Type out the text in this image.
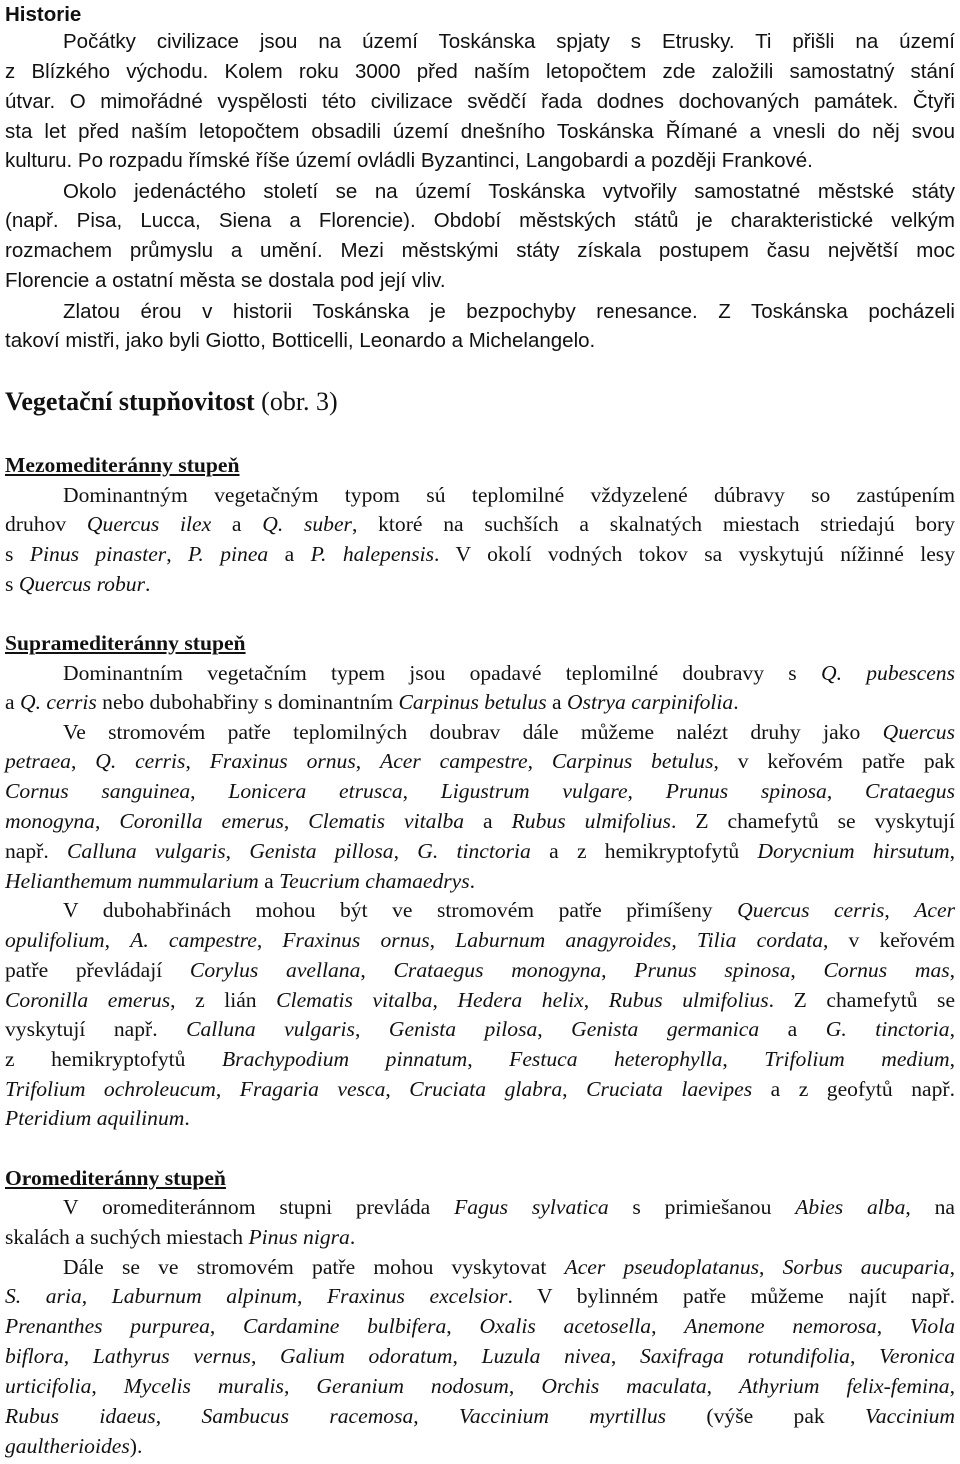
Historie
Počátky civilizace jsou na území Toskánska spjaty s Etrusky. Ti přišli na území
z Blízkého východu. Kolem roku 3000 před naším letopočtem zde založili samostatný stání
útvar. O mimořádné vyspělosti této civilizace svědčí řada dodnes dochovaných památek. Čtyři
sta let před naším letopočtem obsadili území dnešního Toskánska Římané a vnesli do něj svou
kulturu. Po rozpadu římské říše území ovládli Byzantinci, Langobardi a později Frankové.
Okolo jedenáctého století se na území Toskánska vytvořily samostatné městské státy
(např. Pisa, Lucca, Siena a Florencie). Období městských států je charakteristické velkým
rozmachem průmyslu a umění. Mezi městskými státy získala postupem času největší moc
Florencie a ostatní města se dostala pod její vliv.
Zlatou érou v historii Toskánska je bezpochyby renesance. Z Toskánska pocházeli
takoví mistři, jako byli Giotto, Botticelli, Leonardo a Michelangelo.
Vegetační stupňovitost (obr. 3)
Mezomediteránny stupeň
Dominantným vegetačným typom sú teplomilné vždyzelené dúbravy so zastúpením
druhov Quercus ilex a Q. suber, ktoré na suchších a skalnatých miestach striedajú bory
s Pinus pinaster, P. pinea a P. halepensis. V okolí vodných tokov sa vyskytujú nížinné lesy
s Quercus robur.
Supramediteránny stupeň
Dominantním vegetačním typem jsou opadavé teplomilné doubravy s Q. pubescens
a Q. cerris nebo dubohabřiny s dominantním Carpinus betulus a Ostrya carpinifolia.
Ve stromovém patře teplomilných doubrav dále můžeme nalézt druhy jako Quercus
petraea, Q. cerris, Fraxinus ornus, Acer campestre, Carpinus betulus, v keřovém patře pak
Cornus sanguinea, Lonicera etrusca, Ligustrum vulgare, Prunus spinosa, Crataegus
monogyna, Coronilla emerus, Clematis vitalba a Rubus ulmifolius. Z chamefytů se vyskytují
např. Calluna vulgaris, Genista pillosa, G. tinctoria a z hemikryptofytů Dorycnium hirsutum,
Helianthemum nummularium a Teucrium chamaedrys.
V dubohabřinách mohou být ve stromovém patře přimíšeny Quercus cerris, Acer
opulifolium, A. campestre, Fraxinus ornus, Laburnum anagyroides, Tilia cordata, v keřovém
patře převládají Corylus avellana, Crataegus monogyna, Prunus spinosa, Cornus mas,
Coronilla emerus, z lián Clematis vitalba, Hedera helix, Rubus ulmifolius. Z chamefytů se
vyskytují např. Calluna vulgaris, Genista pilosa, Genista germanica a G. tinctoria,
z hemikryptofytů Brachypodium pinnatum, Festuca heterophylla, Trifolium medium,
Trifolium ochroleucum, Fragaria vesca, Cruciata glabra, Cruciata laevipes a z geofytů např.
Pteridium aquilinum.
Oromediteránny stupeň
V oromediteránnom stupni prevláda Fagus sylvatica s primiešanou Abies alba, na
skalách a suchých miestach Pinus nigra.
Dále se ve stromovém patře mohou vyskytovat Acer pseudoplatanus, Sorbus aucuparia,
S. aria, Laburnum alpinum, Fraxinus excelsior. V bylinném patře můžeme najít např.
Prenanthes purpurea, Cardamine bulbifera, Oxalis acetosella, Anemone nemorosa, Viola
biflora, Lathyrus vernus, Galium odoratum, Luzula nivea, Saxifraga rotundifolia, Veronica
urticifolia, Mycelis muralis, Geranium nodosum, Orchis maculata, Athyrium felix-femina,
Rubus idaeus, Sambucus racemosa, Vaccinium myrtillus (výše pak Vaccinium
gaultherioides).
